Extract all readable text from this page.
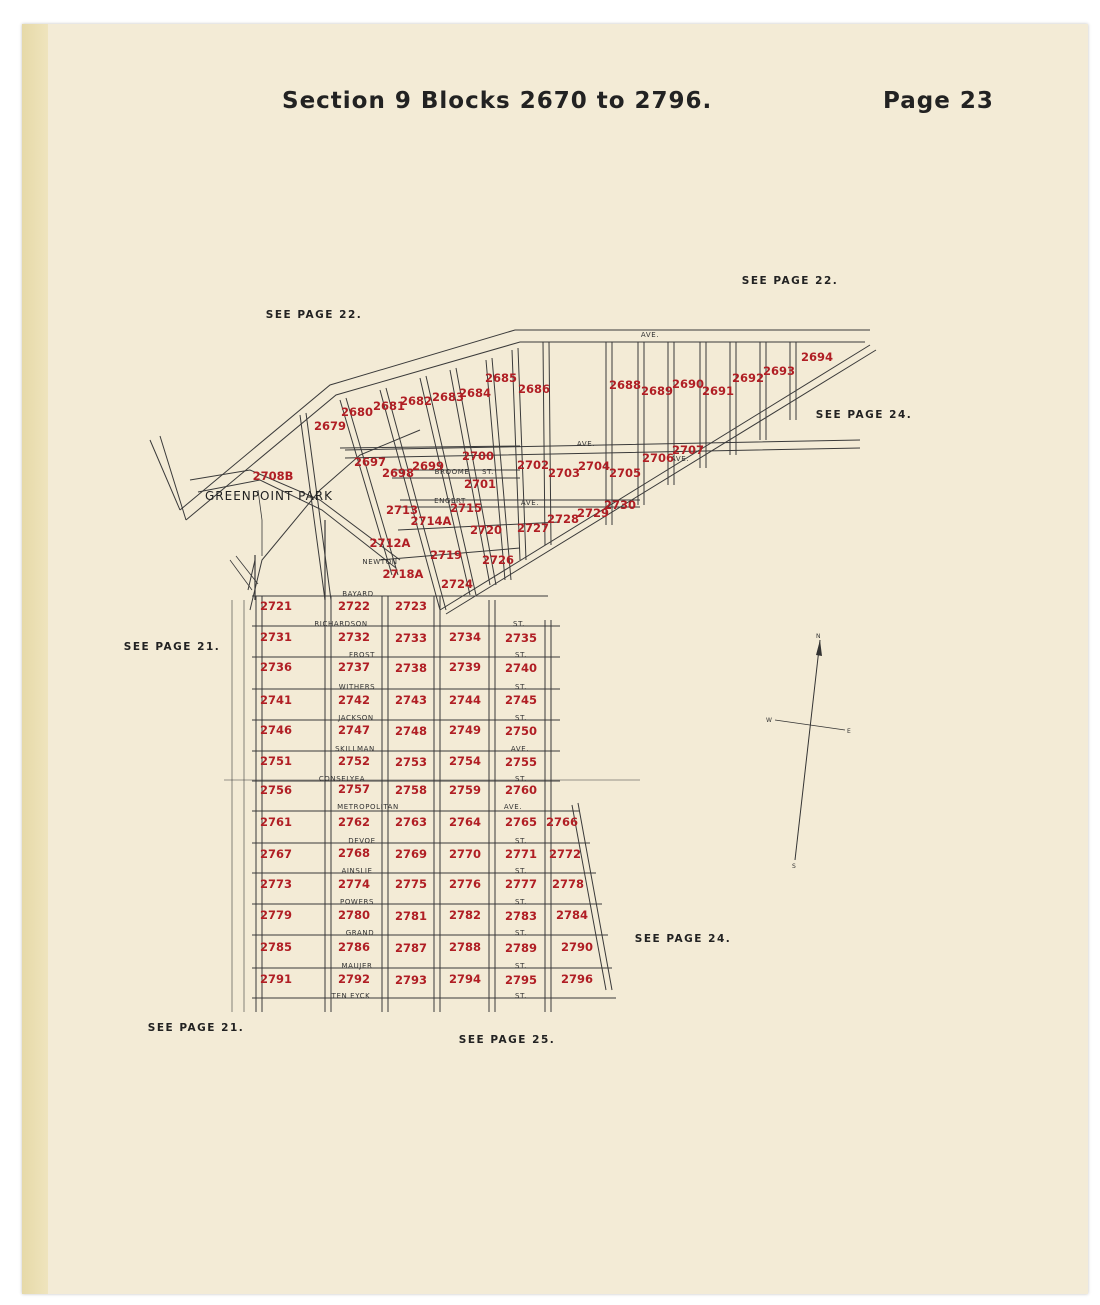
Section 9 Blocks 2670 to 2796.	Page 23
N
S
E
W
GREENPOINT PARK
SEE PAGE 22.
SEE PAGE 22.
SEE PAGE 24.
SEE PAGE 21.
SEE PAGE 24.
SEE PAGE 21.
SEE PAGE 25.
BAYARD
RICHARDSON	ST.
FROST	ST.
WITHERS	ST.
JACKSON	ST.
SKILLMAN	AVE.
CONSELYEA	ST.
METROPOLITAN	AVE.
DEVOE	ST.
AINSLIE	ST.
POWERS	ST.
GRAND	ST.
MAUJER	ST.
TEN EYCK	ST.
BROOME ST.
ENGERT	AVE.
NEWTON
AVE.
AVE.
AVE.
2679
2680 2681
2682 2683
2684
2685
2686	2688 2689
2690
2691
2692
2693
2694
2697
2698
2699
2700
2701
2702
2703
2704
2705
2706
2707
2708B
2713
2714A
2715
2712A
2719
2720 2727
2728
2729
2730
2718A
2724
2726
2721	2722 2723
2731	2732 2733 2734 2735
2736	2737 2738 2739 2740
2741	2742 2743 2744 2745
2746	2747 2748 2749 2750
2751	2752 2753 2754 2755
2756	2757 2758 2759 2760
2761	2762 2763 2764 2765 2766
2767	2768 2769 2770 2771 2772
2773	2774 2775 2776 2777 2778
2779	2780 2781 2782 2783 2784
2785	2786 2787 2788 2789 2790
2791	2792 2793 2794 2795 2796
